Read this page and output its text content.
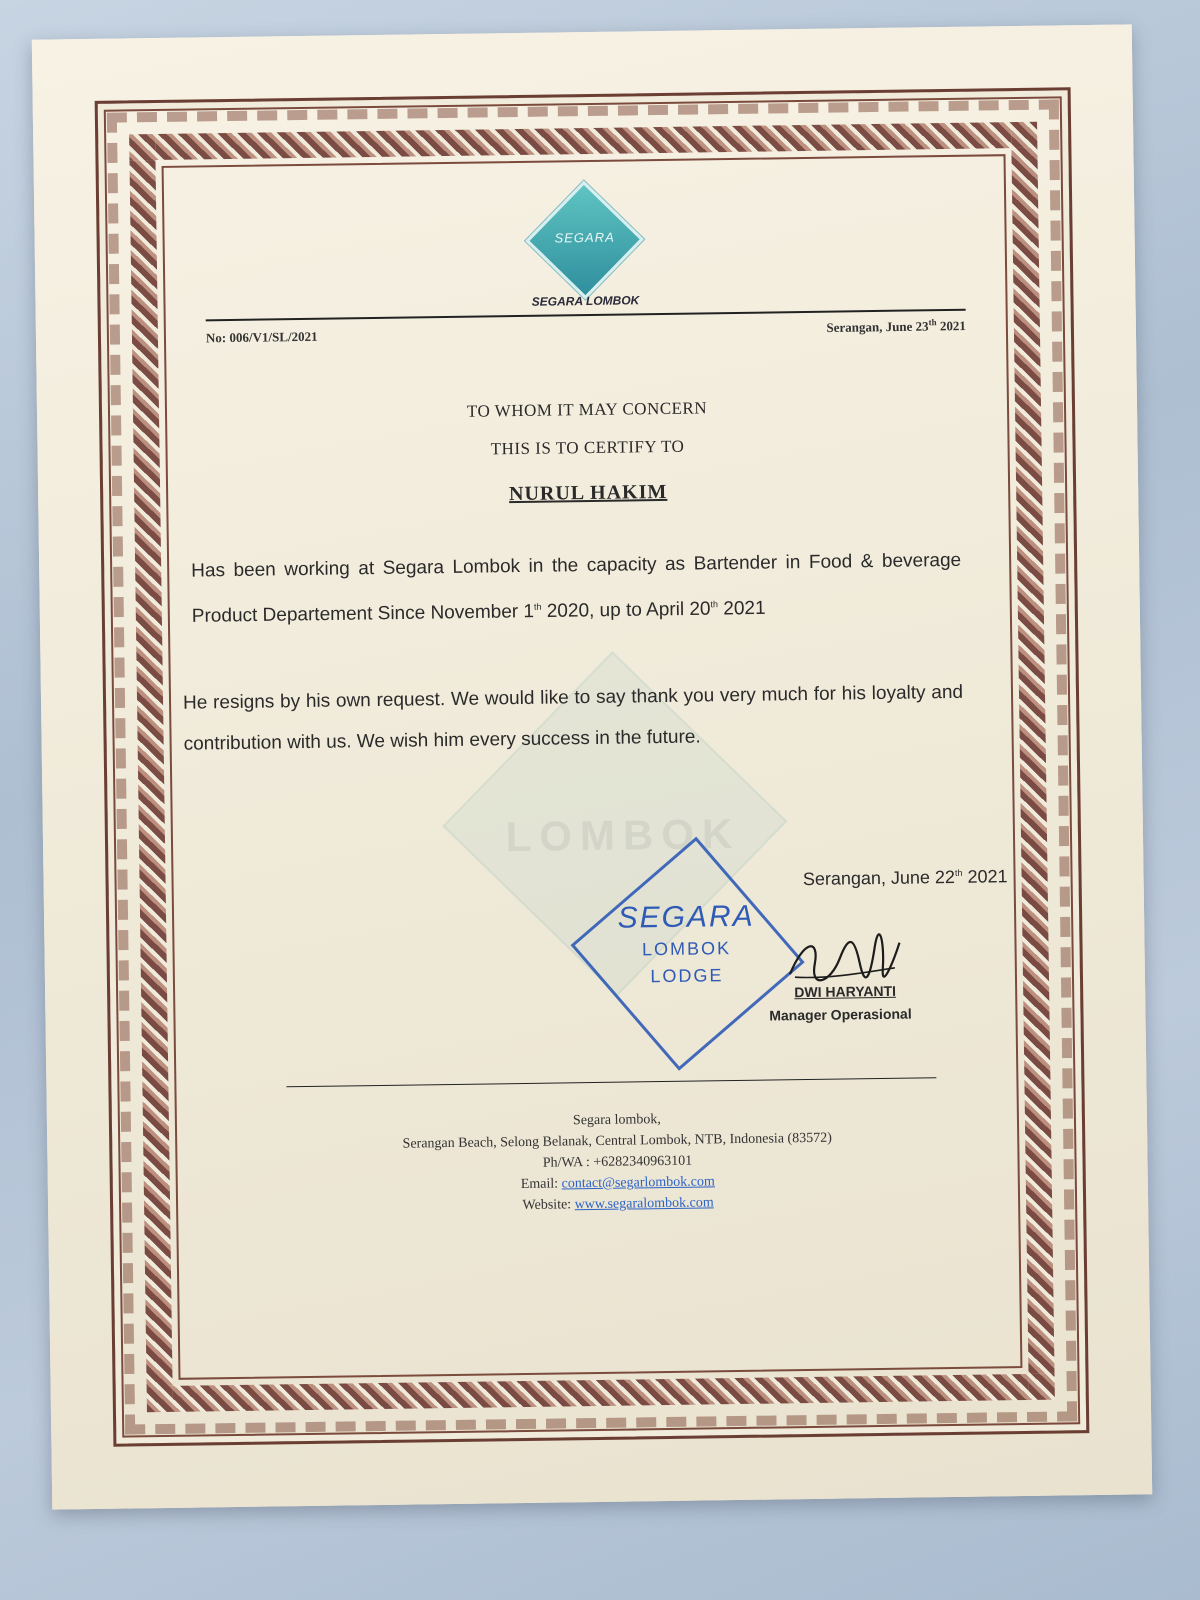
SEGARA
SEGARA LOMBOK
No: 006/V1/SL/2021
Serangan, June 23th 2021
TO WHOM IT MAY CONCERN
THIS IS TO CERTIFY TO
NURUL HAKIM
LOMBOK
Has been working at Segara Lombok in the capacity as Bartender in Food & beverage Product Departement Since November 1th 2020, up to April 20th 2021
He resigns by his own request. We would like to say thank you very much for his loyalty and contribution with us. We wish him every success in the future.
Serangan, June 22th 2021
SEGARA
LOMBOK
LODGE
DWI HARYANTI
Manager Operasional
Segara lombok,
Serangan Beach, Selong Belanak, Central Lombok, NTB, Indonesia (83572)
Ph/WA : +6282340963101
Email: contact@segarlombok.com
Website: www.segaralombok.com
